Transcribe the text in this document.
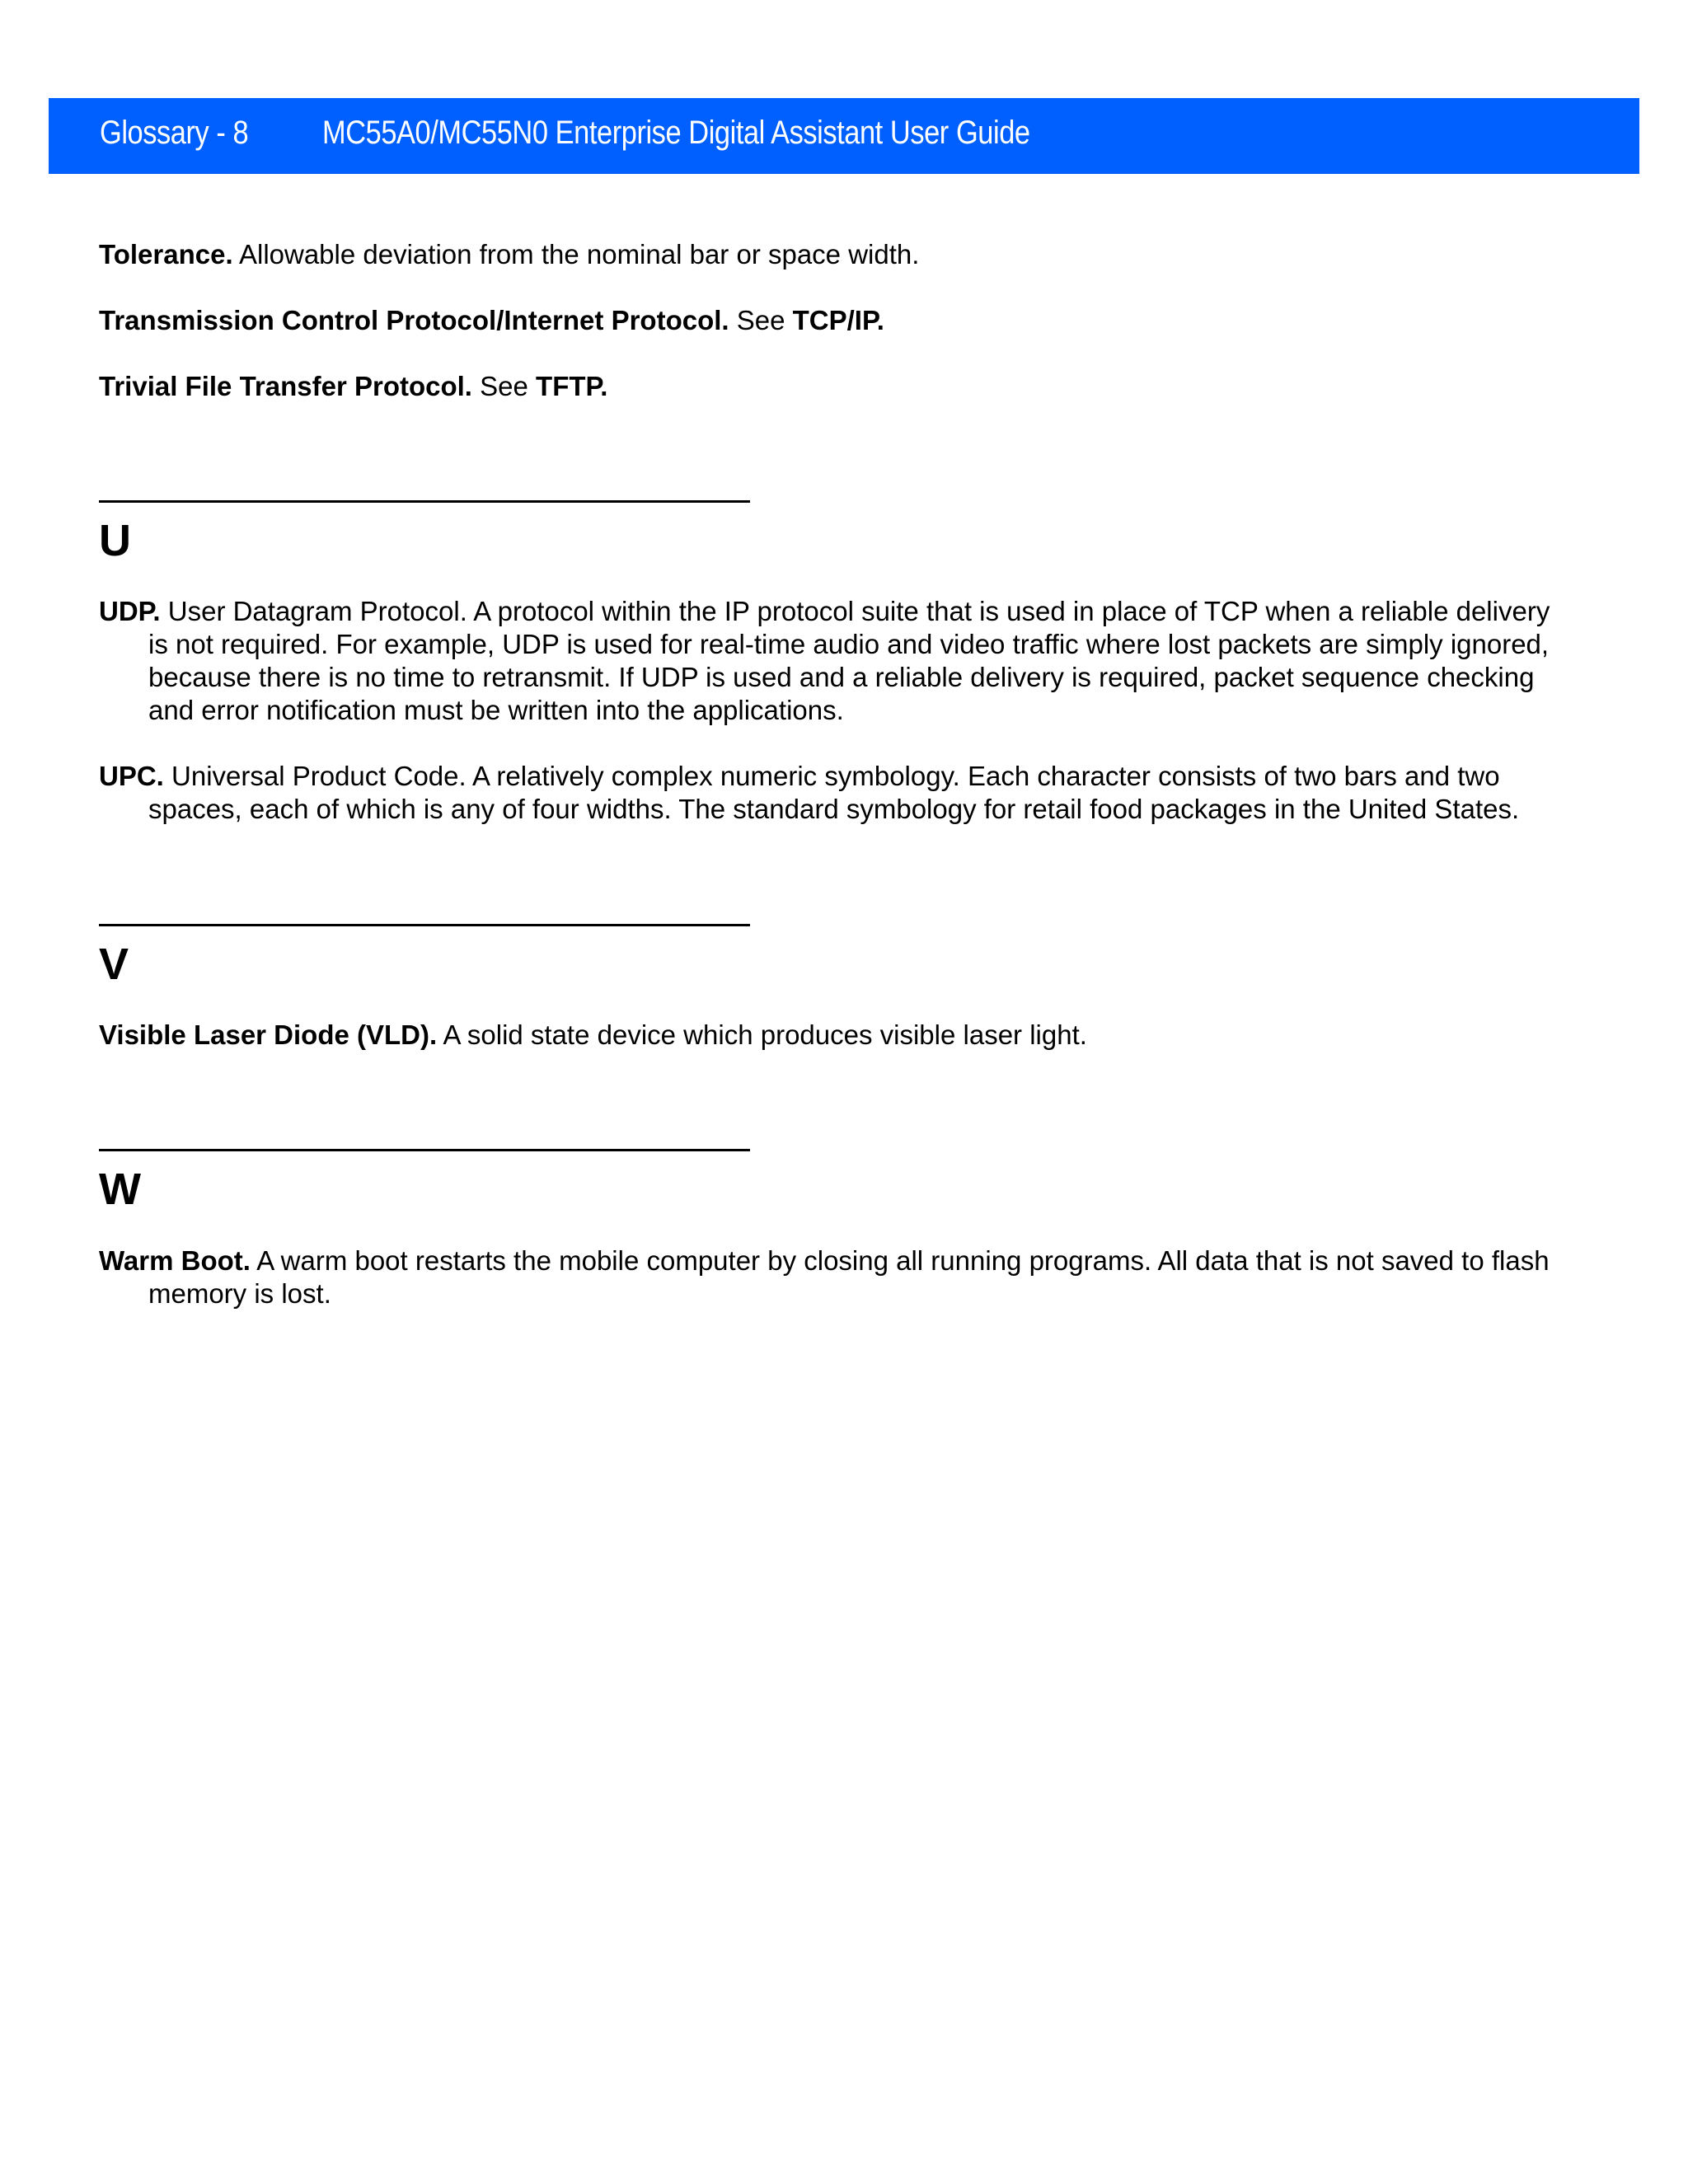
Glossary - 8 MC55A0/MC55N0 Enterprise Digital Assistant User Guide
Tolerance. Allowable deviation from the nominal bar or space width.
Transmission Control Protocol/Internet Protocol. See TCP/IP.
Trivial File Transfer Protocol. See TFTP.
UDP. User Datagram Protocol. A protocol within the IP protocol suite that is used in place of TCP when a reliable delivery is not required. For example, UDP is used for real-time audio and video traffic where lost packets are simply ignored, because there is no time to retransmit. If UDP is used and a reliable delivery is required, packet sequence checking and error notification must be written into the applications.
UPC. Universal Product Code. A relatively complex numeric symbology. Each character consists of two bars and two spaces, each of which is any of four widths. The standard symbology for retail food packages in the United States.
Visible Laser Diode (VLD). A solid state device which produces visible laser light.
Warm Boot. A warm boot restarts the mobile computer by closing all running programs. All data that is not saved to flash memory is lost.
U
V
W
